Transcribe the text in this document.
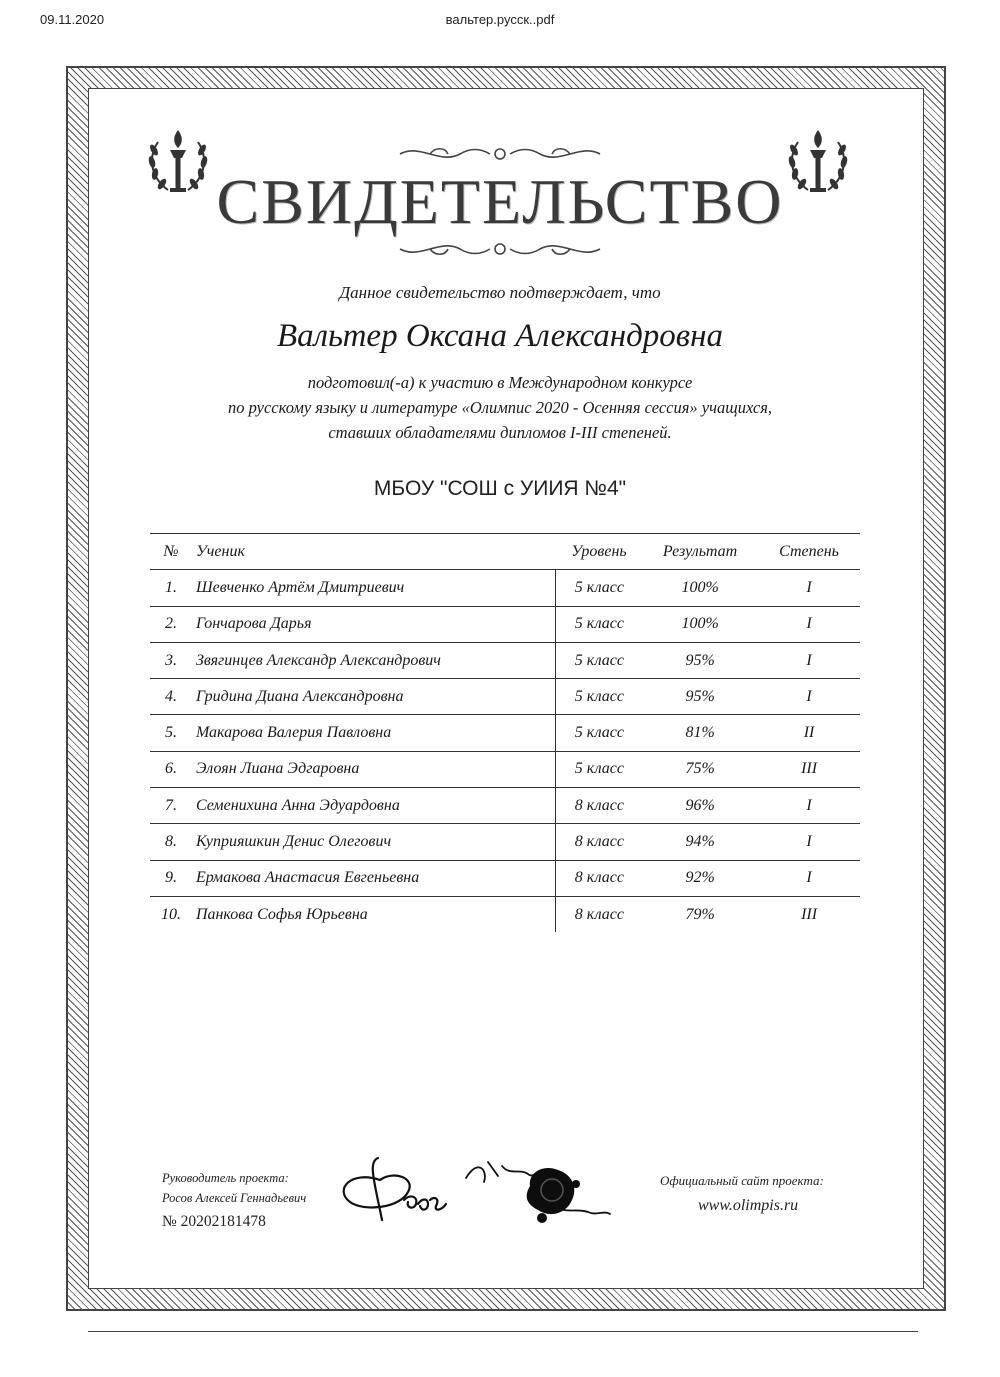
09.11.2020	вальтер.русск..pdf
СВИДЕТЕЛЬСТВО
Данное свидетельство подтверждает, что
Вальтер Оксана Александровна
подготовил(-а) к участию в Международном конкурсе
по русскому языку и литературе «Олимпис 2020 - Осенняя сессия» учащихся,
ставших обладателями дипломов I-III степеней.
МБОУ "СОШ с УИИЯ №4"
№	Ученик	Уровень	Результат	Степень
1.	Шевченко Артём Дмитриевич	5 класс	100%	I
2.	Гончарова Дарья	5 класс	100%	I
3.	Звягинцев Александр Александрович	5 класс	95%	I
4.	Гридина Диана Александровна	5 класс	95%	I
5.	Макарова Валерия Павловна	5 класс	81%	II
6.	Элоян Лиана Эдгаровна	5 класс	75%	III
7.	Семенихина Анна Эдуардовна	8 класс	96%	I
8.	Куприяшкин Денис Олегович	8 класс	94%	I
9.	Ермакова Анастасия Евгеньевна	8 класс	92%	I
10. Панкова Софья Юрьевна	8 класс	79%	III
Руководитель проекта:
Росов Алексей Геннадьевич
№ 20202181478
Официальный сайт проекта:
www.olimpis.ru
